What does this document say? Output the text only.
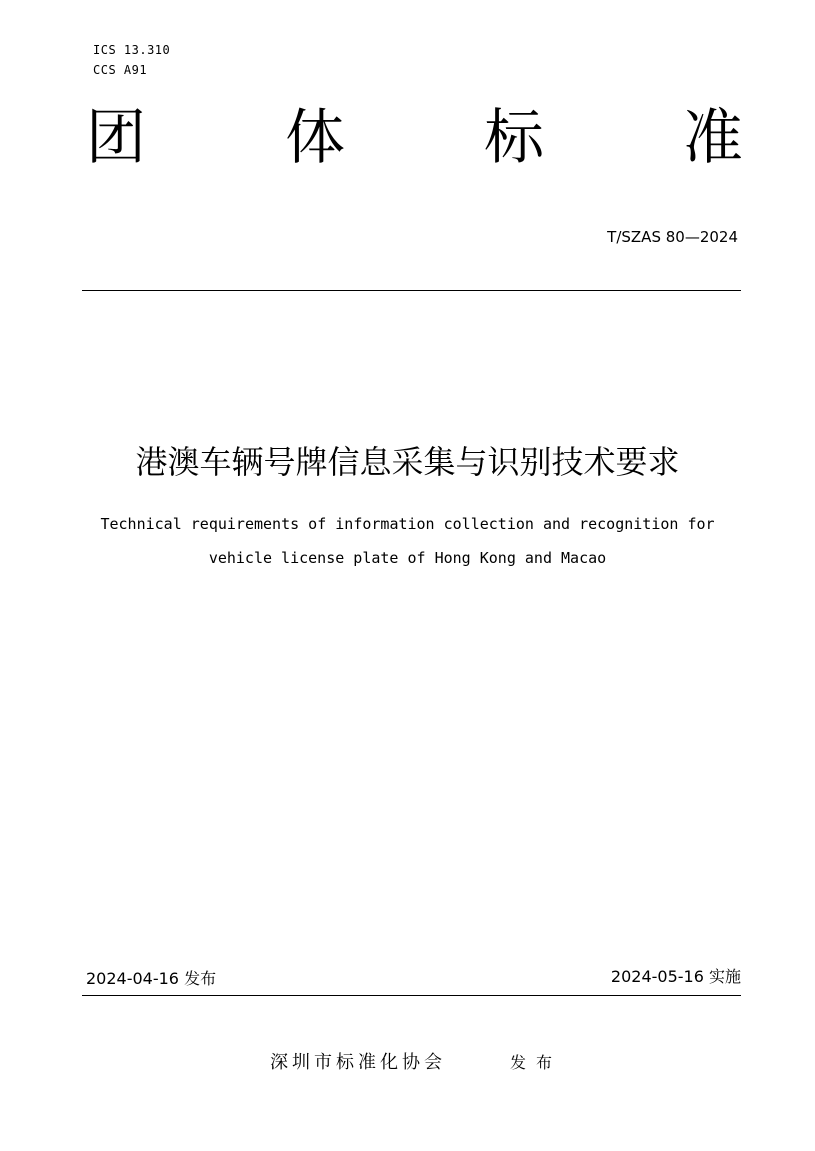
ICS 13.310
CCS A91
团 体 标 准
T/SZAS 80—2024
港澳车辆号牌信息采集与识别技术要求
Technical requirements of information collection and recognition for
vehicle license plate of Hong Kong and Macao
2024-04-16 发布	2024-05-16 实施
深圳市标准化协会	发布
